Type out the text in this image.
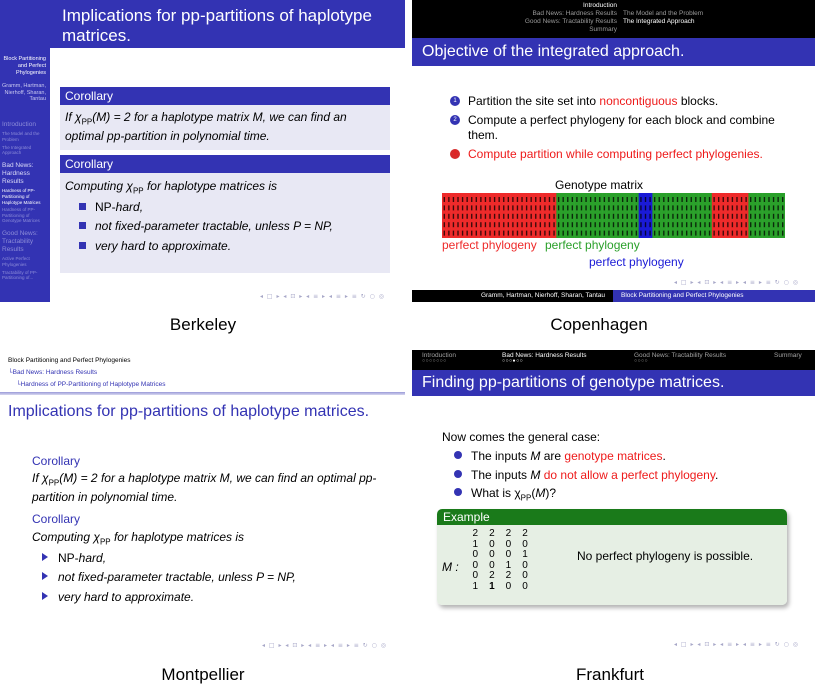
Block Partitioning and Perfect Phylogenies
Gramm, Hartman, Nierhoff, Sharan, Tantau
Introduction
The Model and the Problem
The Integrated Approach
Bad News: Hardness Results
Hardness of PP-Partitioning of Haplotype Matrices
Hardness of PP-Partitioning of Genotype Matrices
Good News: Tractability Results
Active Perfect Phylogenies
Tractability of PP-Partitioning of...
Implications for pp-partitions of haplotype matrices.
Corollary
If $\chi_{PP}(M) = 2$ for a haplotype matrix M, we can find an optimal pp-partition in polynomial time.
Corollary
Computing $\chi_{PP}$ for haplotype matrices is
NP-hard,
not fixed-parameter tractable, unless P = NP,
very hard to approximate.
◂ □ ▸ ◂ ⊡ ▸ ◂ ≡ ▸ ◂ ≡ ▸ ≡ ↻ ○ ◎
Berkeley
Introduction
Bad News: Hardness Results
Good News: Tractability Results
Summary
The Model and the Problem
The Integrated Approach
Objective of the integrated approach.
1 Partition the site set into noncontiguous blocks.
2 Compute a perfect phylogeny for each block and combine them.
3 Compute partition while computing perfect phylogenies.
Genotype matrix
perfect phylogeny perfect phylogeny
perfect phylogeny
◂ □ ▸ ◂ ⊡ ▸ ◂ ≡ ▸ ◂ ≡ ▸ ≡ ↻ ○ ◎
Gramm, Hartman, Nierhoff, Sharan, Tantau	Block Partitioning and Perfect Phylogenies
Copenhagen
Block Partitioning and Perfect Phylogenies
└Bad News: Hardness Results
└Hardness of PP-Partitioning of Haplotype Matrices
Implications for pp-partitions of haplotype matrices.
Corollary
If $\chi_{PP}(M) = 2$ for a haplotype matrix M, we can find an optimal pp-partition in polynomial time.
Corollary
Computing $\chi_{PP}$ for haplotype matrices is
NP-hard,
not fixed-parameter tractable, unless P = NP,
very hard to approximate.
◂ □ ▸ ◂ ⊡ ▸ ◂ ≡ ▸ ◂ ≡ ▸ ≡ ↻ ○ ◎
Montpellier
Introduction
○○○○○○○
Bad News: Hardness Results
○○○●○○
Good News: Tractability Results
○○○○
Summary
Finding pp-partitions of genotype matrices.
Now comes the general case:
The inputs M are genotype matrices.
The inputs M do not allow a perfect phylogeny.
What is $\chi_{PP}(M)$?
Example
M :
2	2	2	2
1	0	0	0
0	0	0	1
0	0	1	0
0	2	2	0
1	1	0	0
No perfect phylogeny is possible.
◂ □ ▸ ◂ ⊡ ▸ ◂ ≡ ▸ ◂ ≡ ▸ ≡ ↻ ○ ◎
Frankfurt
